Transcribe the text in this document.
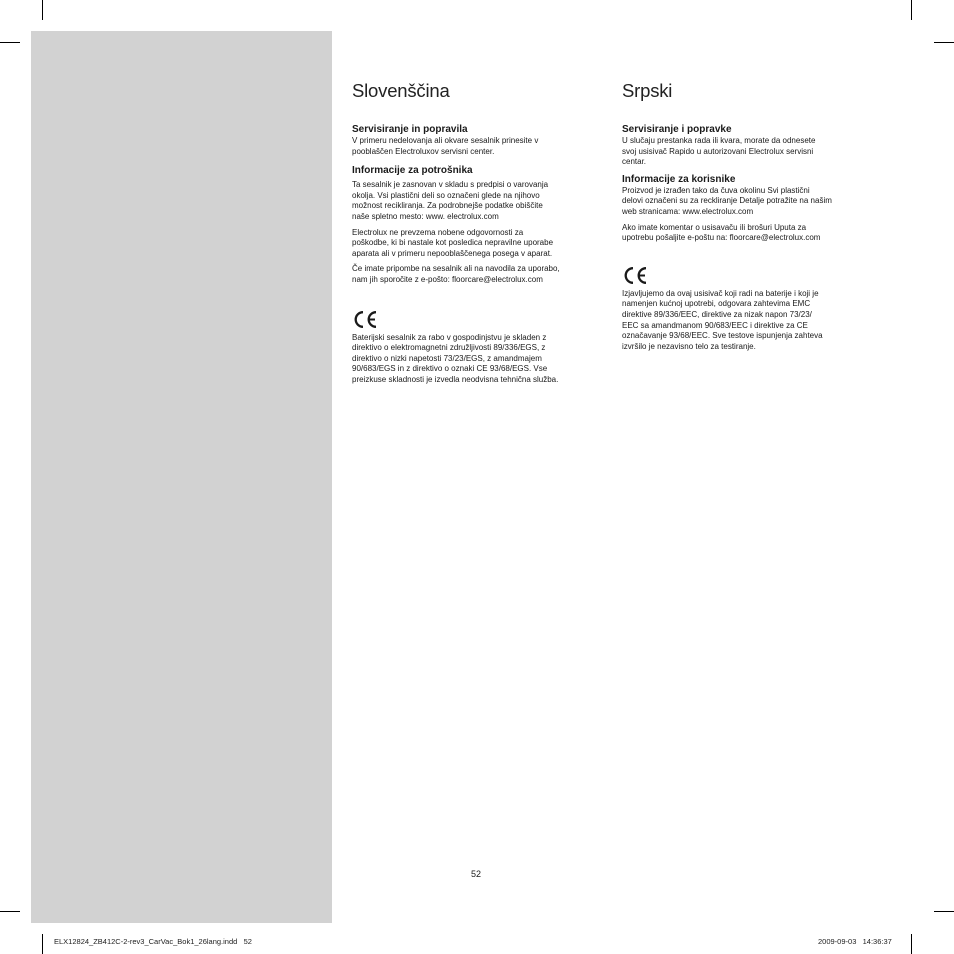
Slovenščina
Servisiranje in popravila

V primeru nedelovanja ali okvare sesalnik prinesite v
pooblaščen Electroluxov servisni center.

Informacije za potrošnika

Ta sesalnik je zasnovan v skladu s predpisi o varovanja
okolja. Vsi plastični deli so označeni glede na njihovo
možnost recikliranja. Za podrobnejše podatke obiščite
naše spletno mesto: www. electrolux.com

Electrolux ne prevzema nobene odgovornosti za
poškodbe, ki bi nastale kot posledica nepravilne uporabe
aparata ali v primeru nepooblaščenega posega v aparat.

Če imate pripombe na sesalnik ali na navodila za uporabo,
nam jih sporočite z e-pošto: floorcare@electrolux.com

Baterijski sesalnik za rabo v gospodinjstvu je skladen z
direktivo o elektromagnetni združljivosti 89/336/EGS, z
direktivo o nizki napetosti 73/23/EGS, z amandmajem
90/683/EGS in z direktivo o oznaki CE 93/68/EGS. Vse
preizkuse skladnosti je izvedla neodvisna tehnična služba.

Srpski
Servisiranje i popravke

U slučaju prestanka rada ili kvara, morate da odnesete
svoj usisivač Rapido u autorizovani Electrolux servisni
centar.

Informacije za korisnike

Proizvod je izrađen tako da čuva okolinu Svi plastični
delovi označeni su za reckliranje Detalje potražite na našim
web stranicama: www.electrolux.com

Ako imate komentar o usisavaču ili brošuri Uputa za
upotrebu pošaljite e-poštu na: floorcare@electrolux.com

Izjavljujemo da ovaj usisivač koji radi na baterije i koji je
namenjen kućnoj upotrebi, odgovara zahtevima EMC
direktive 89/336/EEC, direktive za nizak napon 73/23/
EEC sa amandmanom 90/683/EEC i direktive za CE
označavanje 93/68/EEC. Sve testove ispunjenja zahteva
izvršilo je nezavisno telo za testiranje.

52
ELX12824_ZB412C-2-rev3_CarVac_Bok1_26lang.indd   52	2009-09-03   14:36:37
